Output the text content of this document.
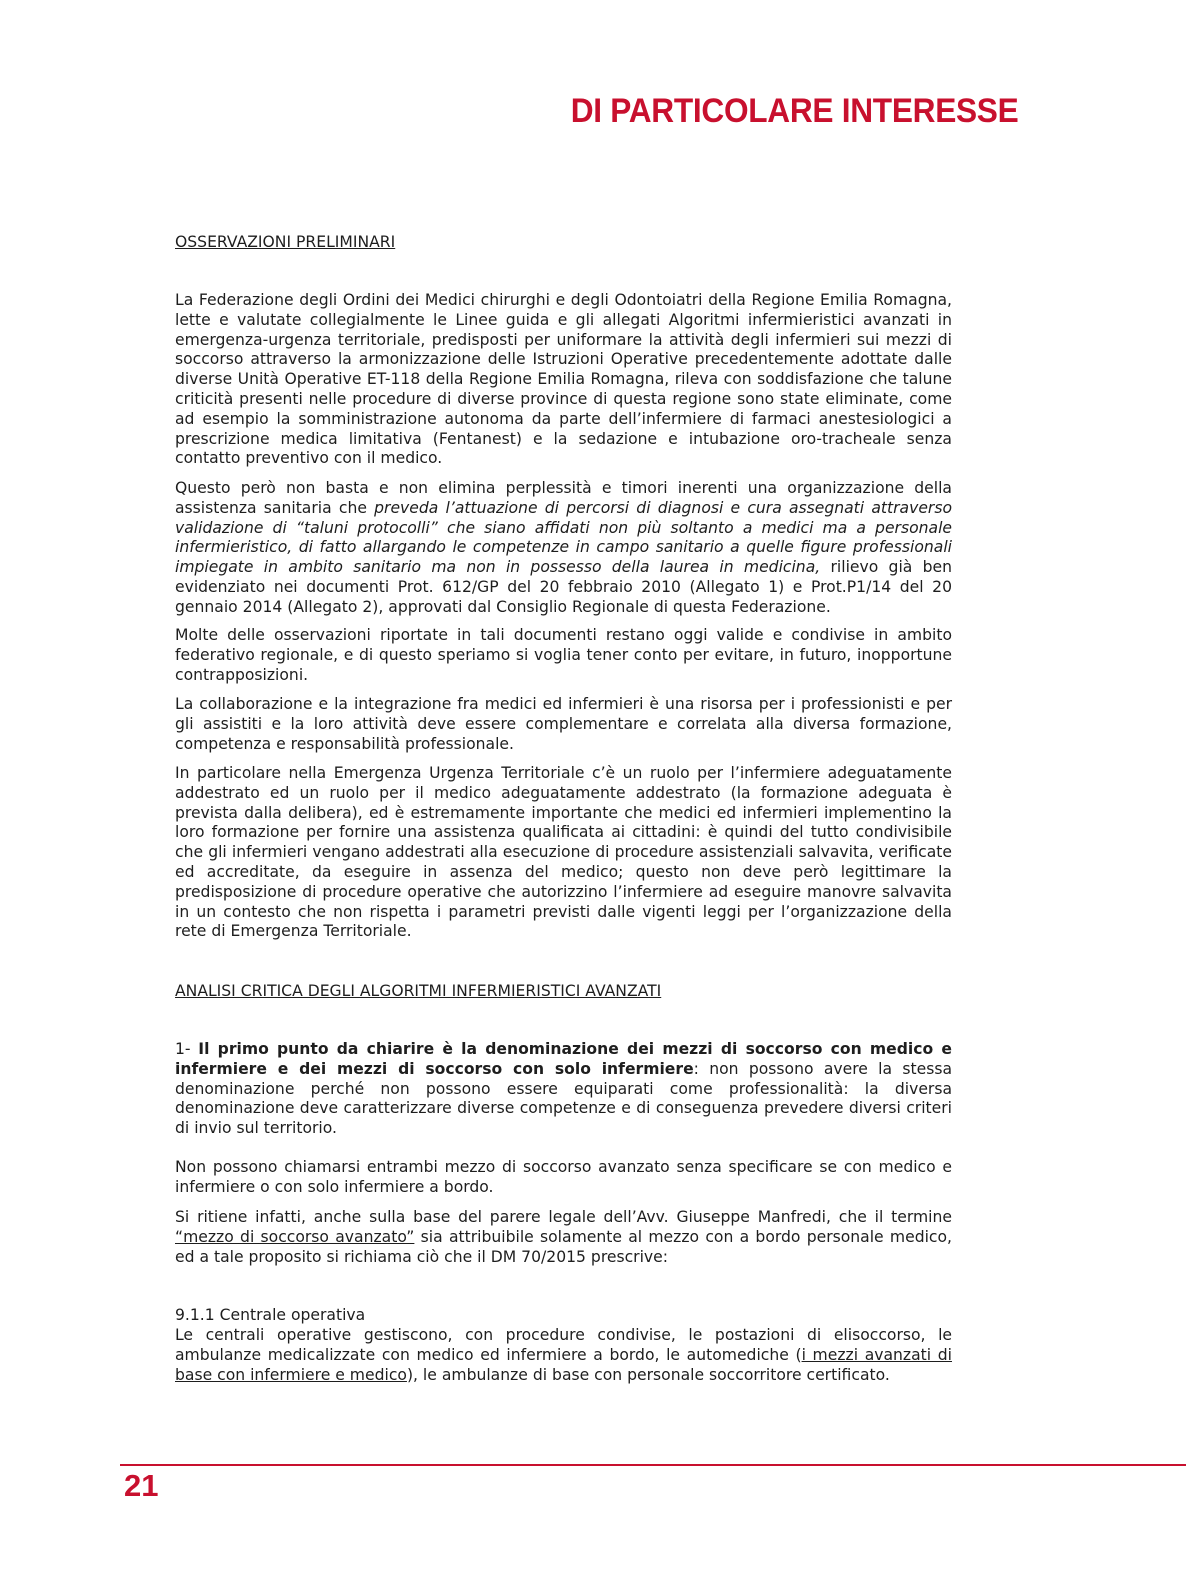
DI PARTICOLARE INTERESSE
OSSERVAZIONI PRELIMINARI
La Federazione degli Ordini dei Medici chirurghi e degli Odontoiatri della Regione Emilia Romagna, lette e valutate collegialmente le Linee guida e gli allegati Algoritmi infermieristici avanzati in emergenza-urgenza territoriale, predisposti per uniformare la attività degli infermieri sui mezzi di soccorso attraverso la armonizzazione delle Istruzioni Operative precedentemente adottate dalle diverse Unità Operative ET-118 della Regione Emilia Romagna, rileva con soddisfazione che talune criticità presenti nelle procedure di diverse province di questa regione sono state eliminate, come ad esempio la somministrazione autonoma da parte dell’infermiere di farmaci anestesiologici a prescrizione medica limitativa (Fentanest) e la sedazione e intubazione oro-tracheale senza contatto preventivo con il medico.
Questo però non basta e non elimina perplessità e timori inerenti una organizzazione della assistenza sanitaria che preveda l’attuazione di percorsi di diagnosi e cura assegnati attraverso validazione di “taluni protocolli” che siano affidati non più soltanto a medici ma a personale infermieristico, di fatto allargando le competenze in campo sanitario a quelle figure professionali impiegate in ambito sanitario ma non in possesso della laurea in medicina, rilievo già ben evidenziato nei documenti Prot. 612/GP del 20 febbraio 2010 (Allegato 1) e Prot.P1/14 del 20 gennaio 2014 (Allegato 2), approvati dal Consiglio Regionale di questa Federazione.
Molte delle osservazioni riportate in tali documenti restano oggi valide e condivise in ambito federativo regionale, e di questo speriamo si voglia tener conto per evitare, in futuro, inopportune contrapposizioni.
La collaborazione e la integrazione fra medici ed infermieri è una risorsa per i professionisti e per gli assistiti e la loro attività deve essere complementare e correlata alla diversa formazione, competenza e responsabilità professionale.
In particolare nella Emergenza Urgenza Territoriale c’è un ruolo per l’infermiere adeguatamente addestrato ed un ruolo per il medico adeguatamente addestrato (la formazione adeguata è prevista dalla delibera), ed è estremamente importante che medici ed infermieri implementino la loro formazione per fornire una assistenza qualificata ai cittadini: è quindi del tutto condivisibile che gli infermieri vengano addestrati alla esecuzione di procedure assistenziali salvavita, verificate ed accreditate, da eseguire in assenza del medico; questo non deve però legittimare la predisposizione di procedure operative che autorizzino l’infermiere ad eseguire manovre salvavita in un contesto che non rispetta i parametri previsti dalle vigenti leggi per l’organizzazione della rete di Emergenza Territoriale.
ANALISI CRITICA DEGLI ALGORITMI INFERMIERISTICI AVANZATI
1- Il primo punto da chiarire è la denominazione dei mezzi di soccorso con medico e infermiere e dei mezzi di soccorso con solo infermiere: non possono avere la stessa denominazione perché non possono essere equiparati come professionalità: la diversa denominazione deve caratterizzare diverse competenze e di conseguenza prevedere diversi criteri di invio sul territorio.
Non possono chiamarsi entrambi mezzo di soccorso avanzato senza specificare se con medico e infermiere o con solo infermiere a bordo.
Si ritiene infatti, anche sulla base del parere legale dell’Avv. Giuseppe Manfredi, che il termine “mezzo di soccorso avanzato” sia attribuibile solamente al mezzo con a bordo personale medico, ed a tale proposito si richiama ciò che il DM 70/2015 prescrive:
9.1.1 Centrale operativa
Le centrali operative gestiscono, con procedure condivise, le postazioni di elisoccorso, le ambulanze medicalizzate con medico ed infermiere a bordo, le automediche (i mezzi avanzati di base con infermiere e medico), le ambulanze di base con personale soccorritore certificato.
21
